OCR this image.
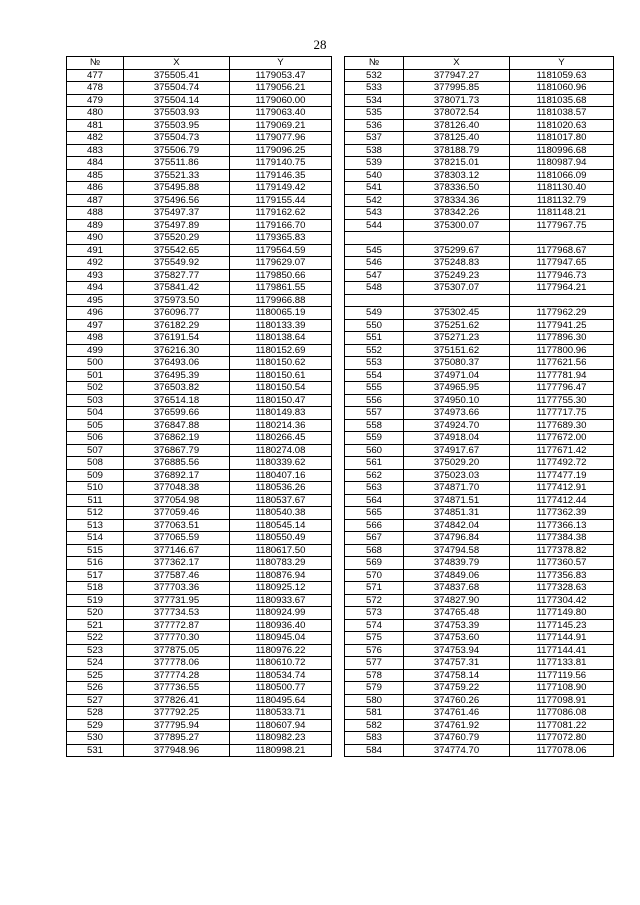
28
№	X	Y
477	375505.41	1179053.47
478	375504.74	1179056.21
479	375504.14	1179060.00
480	375503.93	1179063.40
481	375503.95	1179069.21
482	375504.73	1179077.96
483	375506.79	1179096.25
484	375511.86	1179140.75
485	375521.33	1179146.35
486	375495.88	1179149.42
487	375496.56	1179155.44
488	375497.37	1179162.62
489	375497.89	1179166.70
490	375520.29	1179365.83
491	375542.65	1179564.59
492	375549.92	1179629.07
493	375827.77	1179850.66
494	375841.42	1179861.55
495	375973.50	1179966.88
496	376096.77	1180065.19
497	376182.29	1180133.39
498	376191.54	1180138.64
499	376216.30	1180152.69
500	376493.06	1180150.62
501	376495.39	1180150.61
502	376503.82	1180150.54
503	376514.18	1180150.47
504	376599.66	1180149.83
505	376847.88	1180214.36
506	376862.19	1180266.45
507	376867.79	1180274.08
508	376885.56	1180339.62
509	376892.17	1180407.16
510	377048.38	1180536.26
511	377054.98	1180537.67
512	377059.46	1180540.38
513	377063.51	1180545.14
514	377065.59	1180550.49
515	377146.67	1180617.50
516	377362.17	1180783.29
517	377587.46	1180876.94
518	377703.36	1180925.12
519	377731.95	1180933.67
520	377734.53	1180924.99
521	377772.87	1180936.40
522	377770.30	1180945.04
523	377875.05	1180976.22
524	377778.06	1180610.72
525	377774.28	1180534.74
526	377736.55	1180500.77
527	377826.41	1180495.64
528	377792.25	1180533.71
529	377795.94	1180607.94
530	377895.27	1180982.23
531	377948.96	1180998.21
№	X	Y
532	377947.27	1181059.63
533	377995.85	1181060.96
534	378071.73	1181035.68
535	378072.54	1181038.57
536	378126.40	1181020.63
537	378125.40	1181017.80
538	378188.79	1180996.68
539	378215.01	1180987.94
540	378303.12	1181066.09
541	378336.50	1181130.40
542	378334.36	1181132.79
543	378342.26	1181148.21
544	375300.07	1177967.75

545	375299.67	1177968.67
546	375248.83	1177947.65
547	375249.23	1177946.73
548	375307.07	1177964.21

549	375302.45	1177962.29
550	375251.62	1177941.25
551	375271.23	1177896.30
552	375151.62	1177800.96
553	375080.37	1177621.56
554	374971.04	1177781.94
555	374965.95	1177796.47
556	374950.10	1177755.30
557	374973.66	1177717.75
558	374924.70	1177689.30
559	374918.04	1177672.00
560	374917.67	1177671.42
561	375029.20	1177492.72
562	375023.03	1177477.19
563	374871.70	1177412.91
564	374871.51	1177412.44
565	374851.31	1177362.39
566	374842.04	1177366.13
567	374796.84	1177384.38
568	374794.58	1177378.82
569	374839.79	1177360.57
570	374849.06	1177356.83
571	374837.68	1177328.63
572	374827.90	1177304.42
573	374765.48	1177149.80
574	374753.39	1177145.23
575	374753.60	1177144.91
576	374753.94	1177144.41
577	374757.31	1177133.81
578	374758.14	1177119.56
579	374759.22	1177108.90
580	374760.26	1177098.91
581	374761.46	1177086.08
582	374761.92	1177081.22
583	374760.79	1177072.80
584	374774.70	1177078.06
